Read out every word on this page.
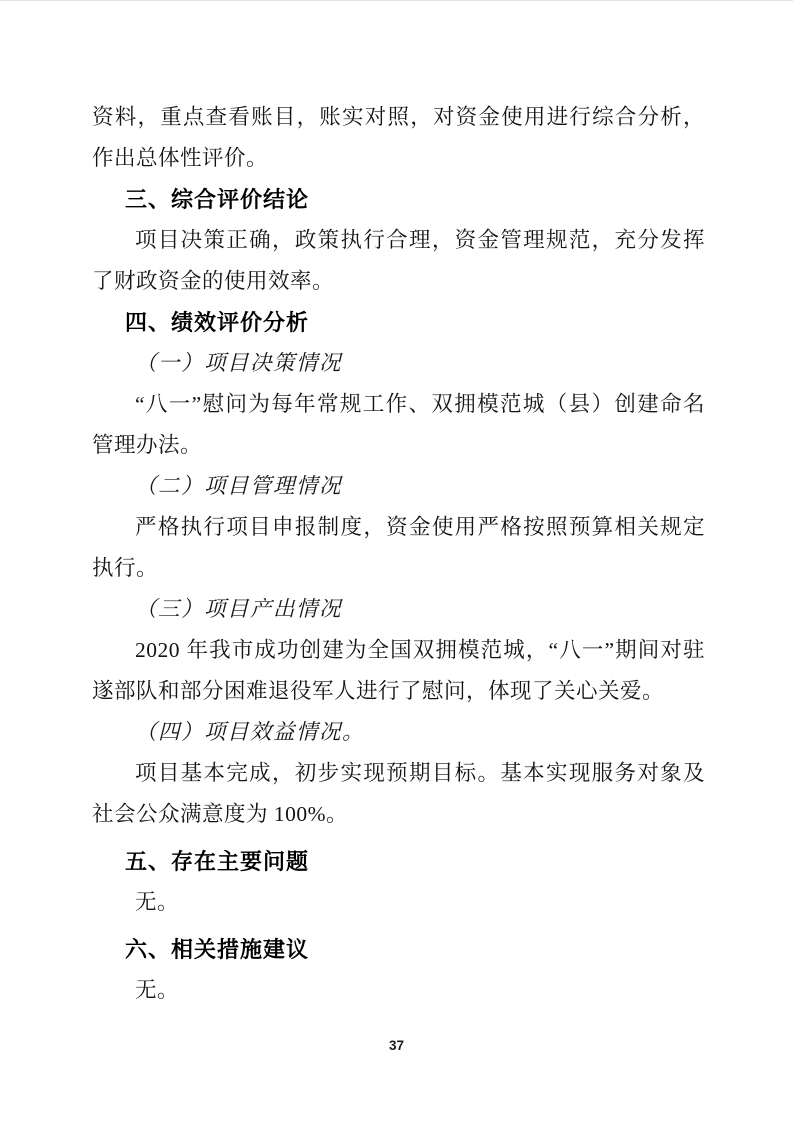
资料，重点查看账目，账实对照，对资金使用进行综合分析，作出总体性评价。

三、综合评价结论

项目决策正确，政策执行合理，资金管理规范，充分发挥了财政资金的使用效率。

四、绩效评价分析

（一）项目决策情况

“八一”慰问为每年常规工作、双拥模范城（县）创建命名管理办法。

（二）项目管理情况

严格执行项目申报制度，资金使用严格按照预算相关规定执行。

（三）项目产出情况

2020 年我市成功创建为全国双拥模范城，“八一”期间对驻遂部队和部分困难退役军人进行了慰问，体现了关心关爱。

（四）项目效益情况。

项目基本完成，初步实现预期目标。基本实现服务对象及社会公众满意度为 100%。

五、存在主要问题

无。

六、相关措施建议

无。

37
